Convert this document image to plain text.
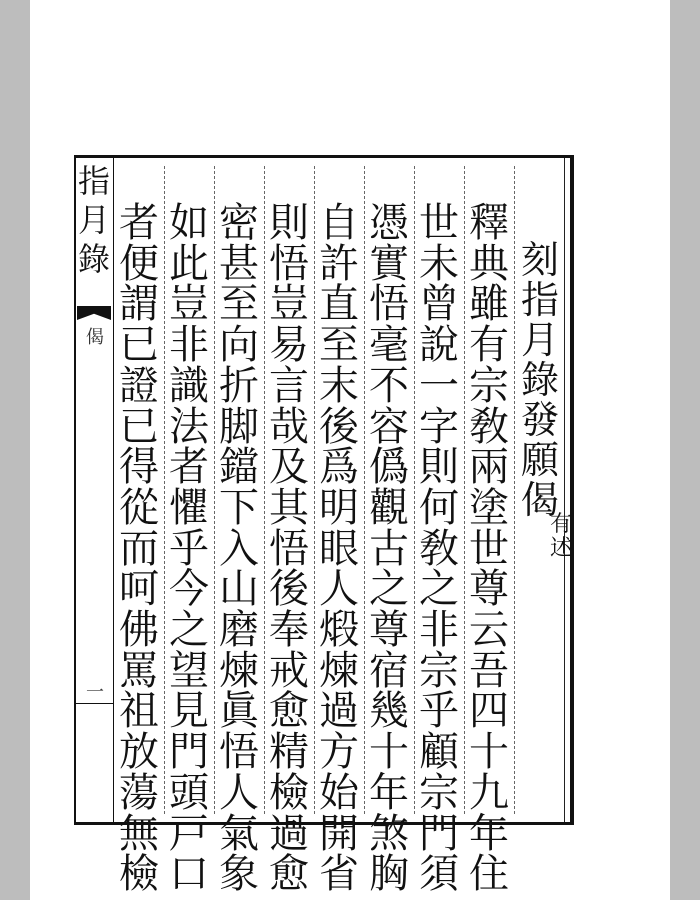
指月錄
偈
一
者便謂已證已得從而呵佛罵祖放蕩無檢
如此豈非識法者懼乎今之望見門頭戸口
密甚至向折脚鐺下入山磨煉眞悟人氣象
則悟豈易言哉及其悟後奉戒愈精檢過愈
自許直至末後爲明眼人煅煉過方始開省
憑實悟毫不容僞觀古之尊宿幾十年煞胸
世未曾說一字則何敎之非宗乎顧宗門須
釋典雖有宗敎兩塗世尊云吾四十九年住
刻指月錄發願偈
有述
